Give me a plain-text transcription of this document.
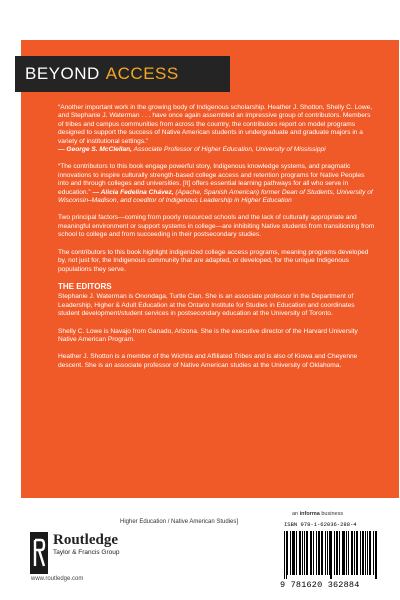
BEYOND ACCESS

“Another important work in the growing body of Indigenous scholarship. Heather J. Shotton, Shelly C. Lowe, and Stephanie J. Waterman . . . have once again assembled an impressive group of contributors. Members of tribes and campus communities from across the country, the contributors report on model programs designed to support the success of Native American students in undergraduate and graduate majors in a variety of institutional settings.”
— George S. McClellan, Associate Professor of Higher Education, University of Mississippi

“The contributors to this book engage powerful story, Indigenous knowledge systems, and pragmatic innovations to inspire culturally strength-based college access and retention programs for Native Peoples into and through colleges and universities. [It] offers essential learning pathways for all who serve in education.” — Alicia Fedelina Chávez, (Apache, Spanish American) former Dean of Students, University of Wisconsin–Madison, and coeditor of Indigenous Leadership in Higher Education

Two principal factors—coming from poorly resourced schools and the lack of culturally appropriate and meaningful environment or support systems in college—are inhibiting Native students from transitioning from school to college and from succeeding in their postsecondary studies.

The contributors to this book highlight indigenized college access programs, meaning programs developed by, not just for, the Indigenous community that are adapted, or developed, for the unique Indigenous populations they serve.

THE EDITORS

Stephanie J. Waterman is Onondaga, Turtle Clan. She is an associate professor in the Department of Leadership, Higher & Adult Education at the Ontario Institute for Studies in Education and coordinates student development/student services in postsecondary education at the University of Toronto.

Shelly C. Lowe is Navajo from Ganado, Arizona. She is the executive director of the Harvard University Native American Program.

Heather J. Shotton is a member of the Wichita and Affiliated Tribes and is also of Kiowa and Cheyenne descent. She is an associate professor of Native American studies at the University of Oklahoma.

Higher Education / Native American Studies]
an informa business
ISBN 978-1-62036-288-4
9 781620 362884
Routledge
Taylor & Francis Group
www.routledge.com
